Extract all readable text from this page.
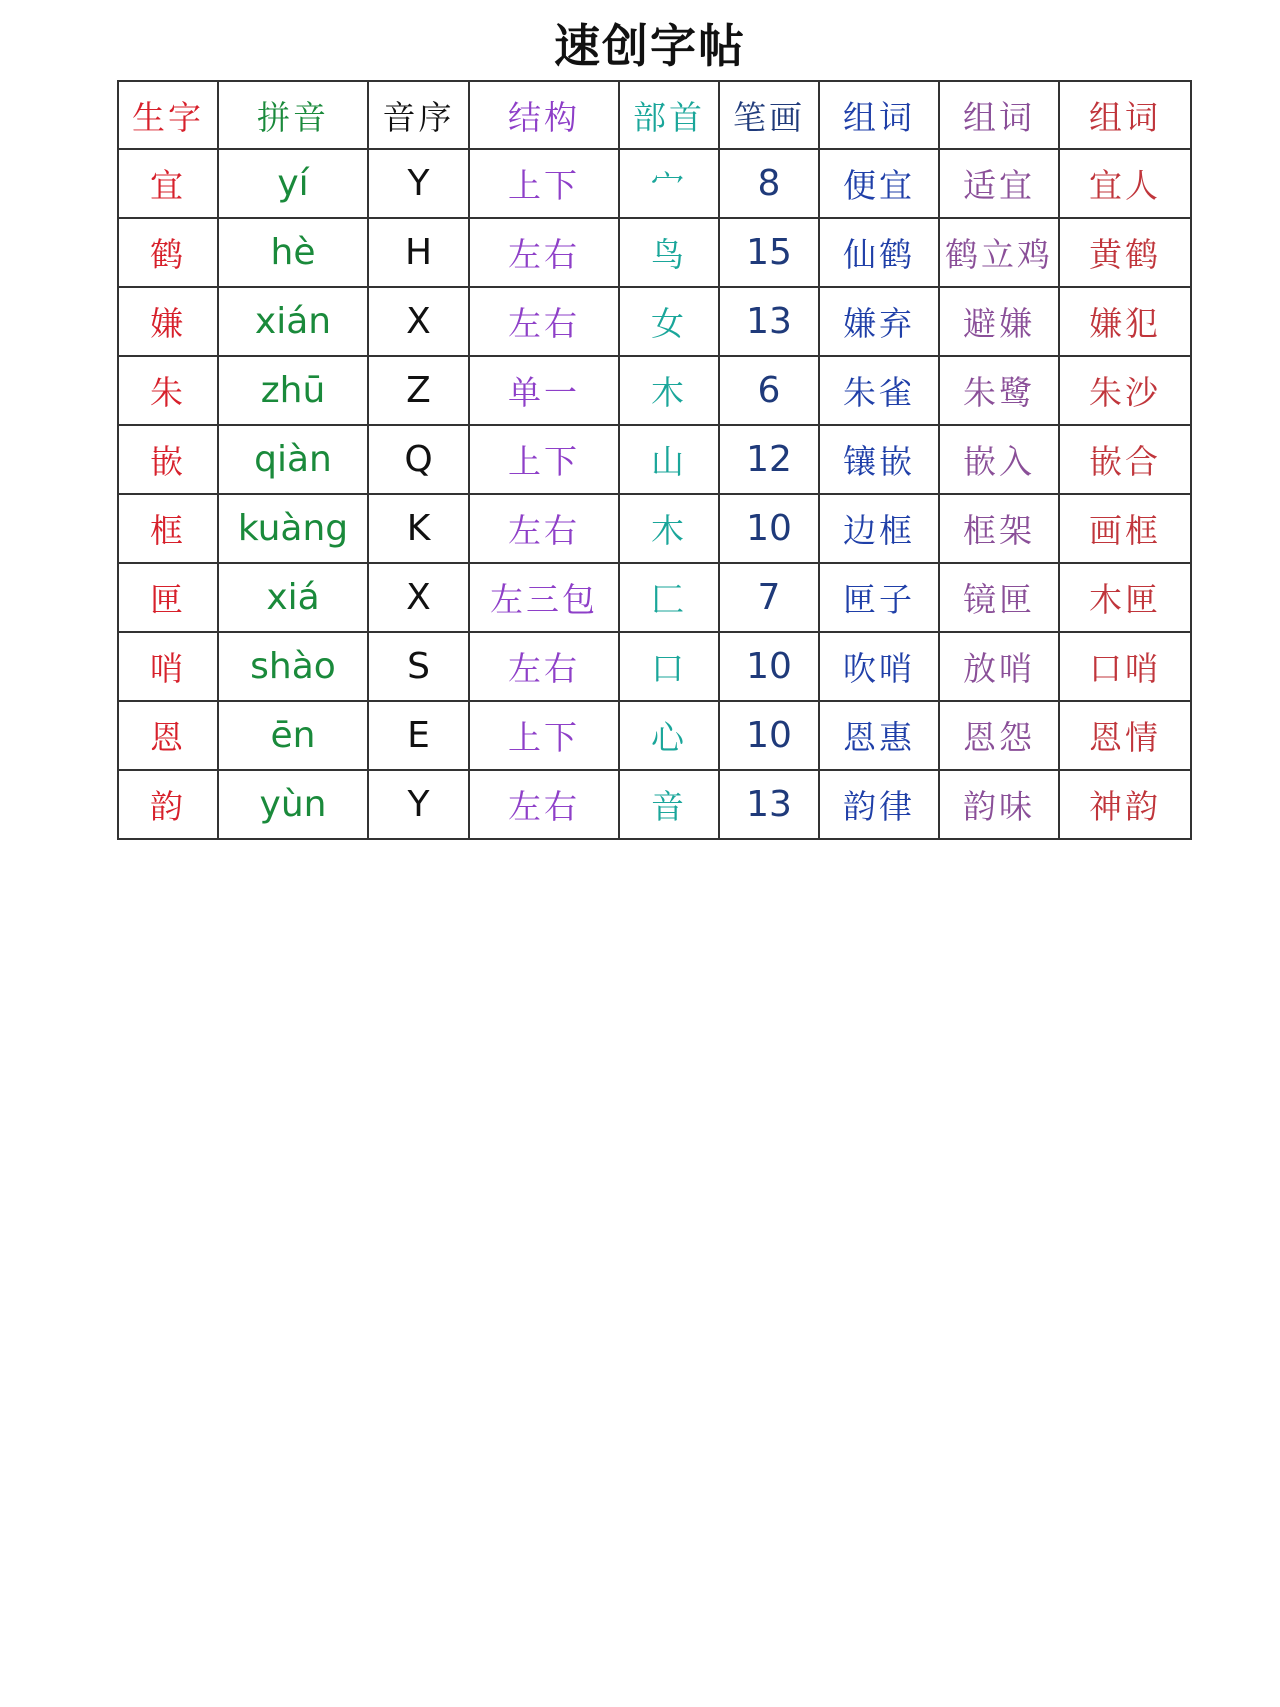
速创字帖
生字	拼音	音序	结构	部首	笔画	组词	组词	组词
宜	yí	Y	上下	宀	8	便宜	适宜	宜人
鹤	hè	H	左右	鸟	15	仙鹤	鹤立鸡	黄鹤
嫌	xián	X	左右	女	13	嫌弃	避嫌	嫌犯
朱	zhū	Z	单一	木	6	朱雀	朱鹭	朱沙
嵌	qiàn	Q	上下	山	12	镶嵌	嵌入	嵌合
框	kuàng	K	左右	木	10	边框	框架	画框
匣	xiá	X	左三包	匚	7	匣子	镜匣	木匣
哨	shào	S	左右	口	10	吹哨	放哨	口哨
恩	ēn	E	上下	心	10	恩惠	恩怨	恩情
韵	yùn	Y	左右	音	13	韵律	韵味	神韵
